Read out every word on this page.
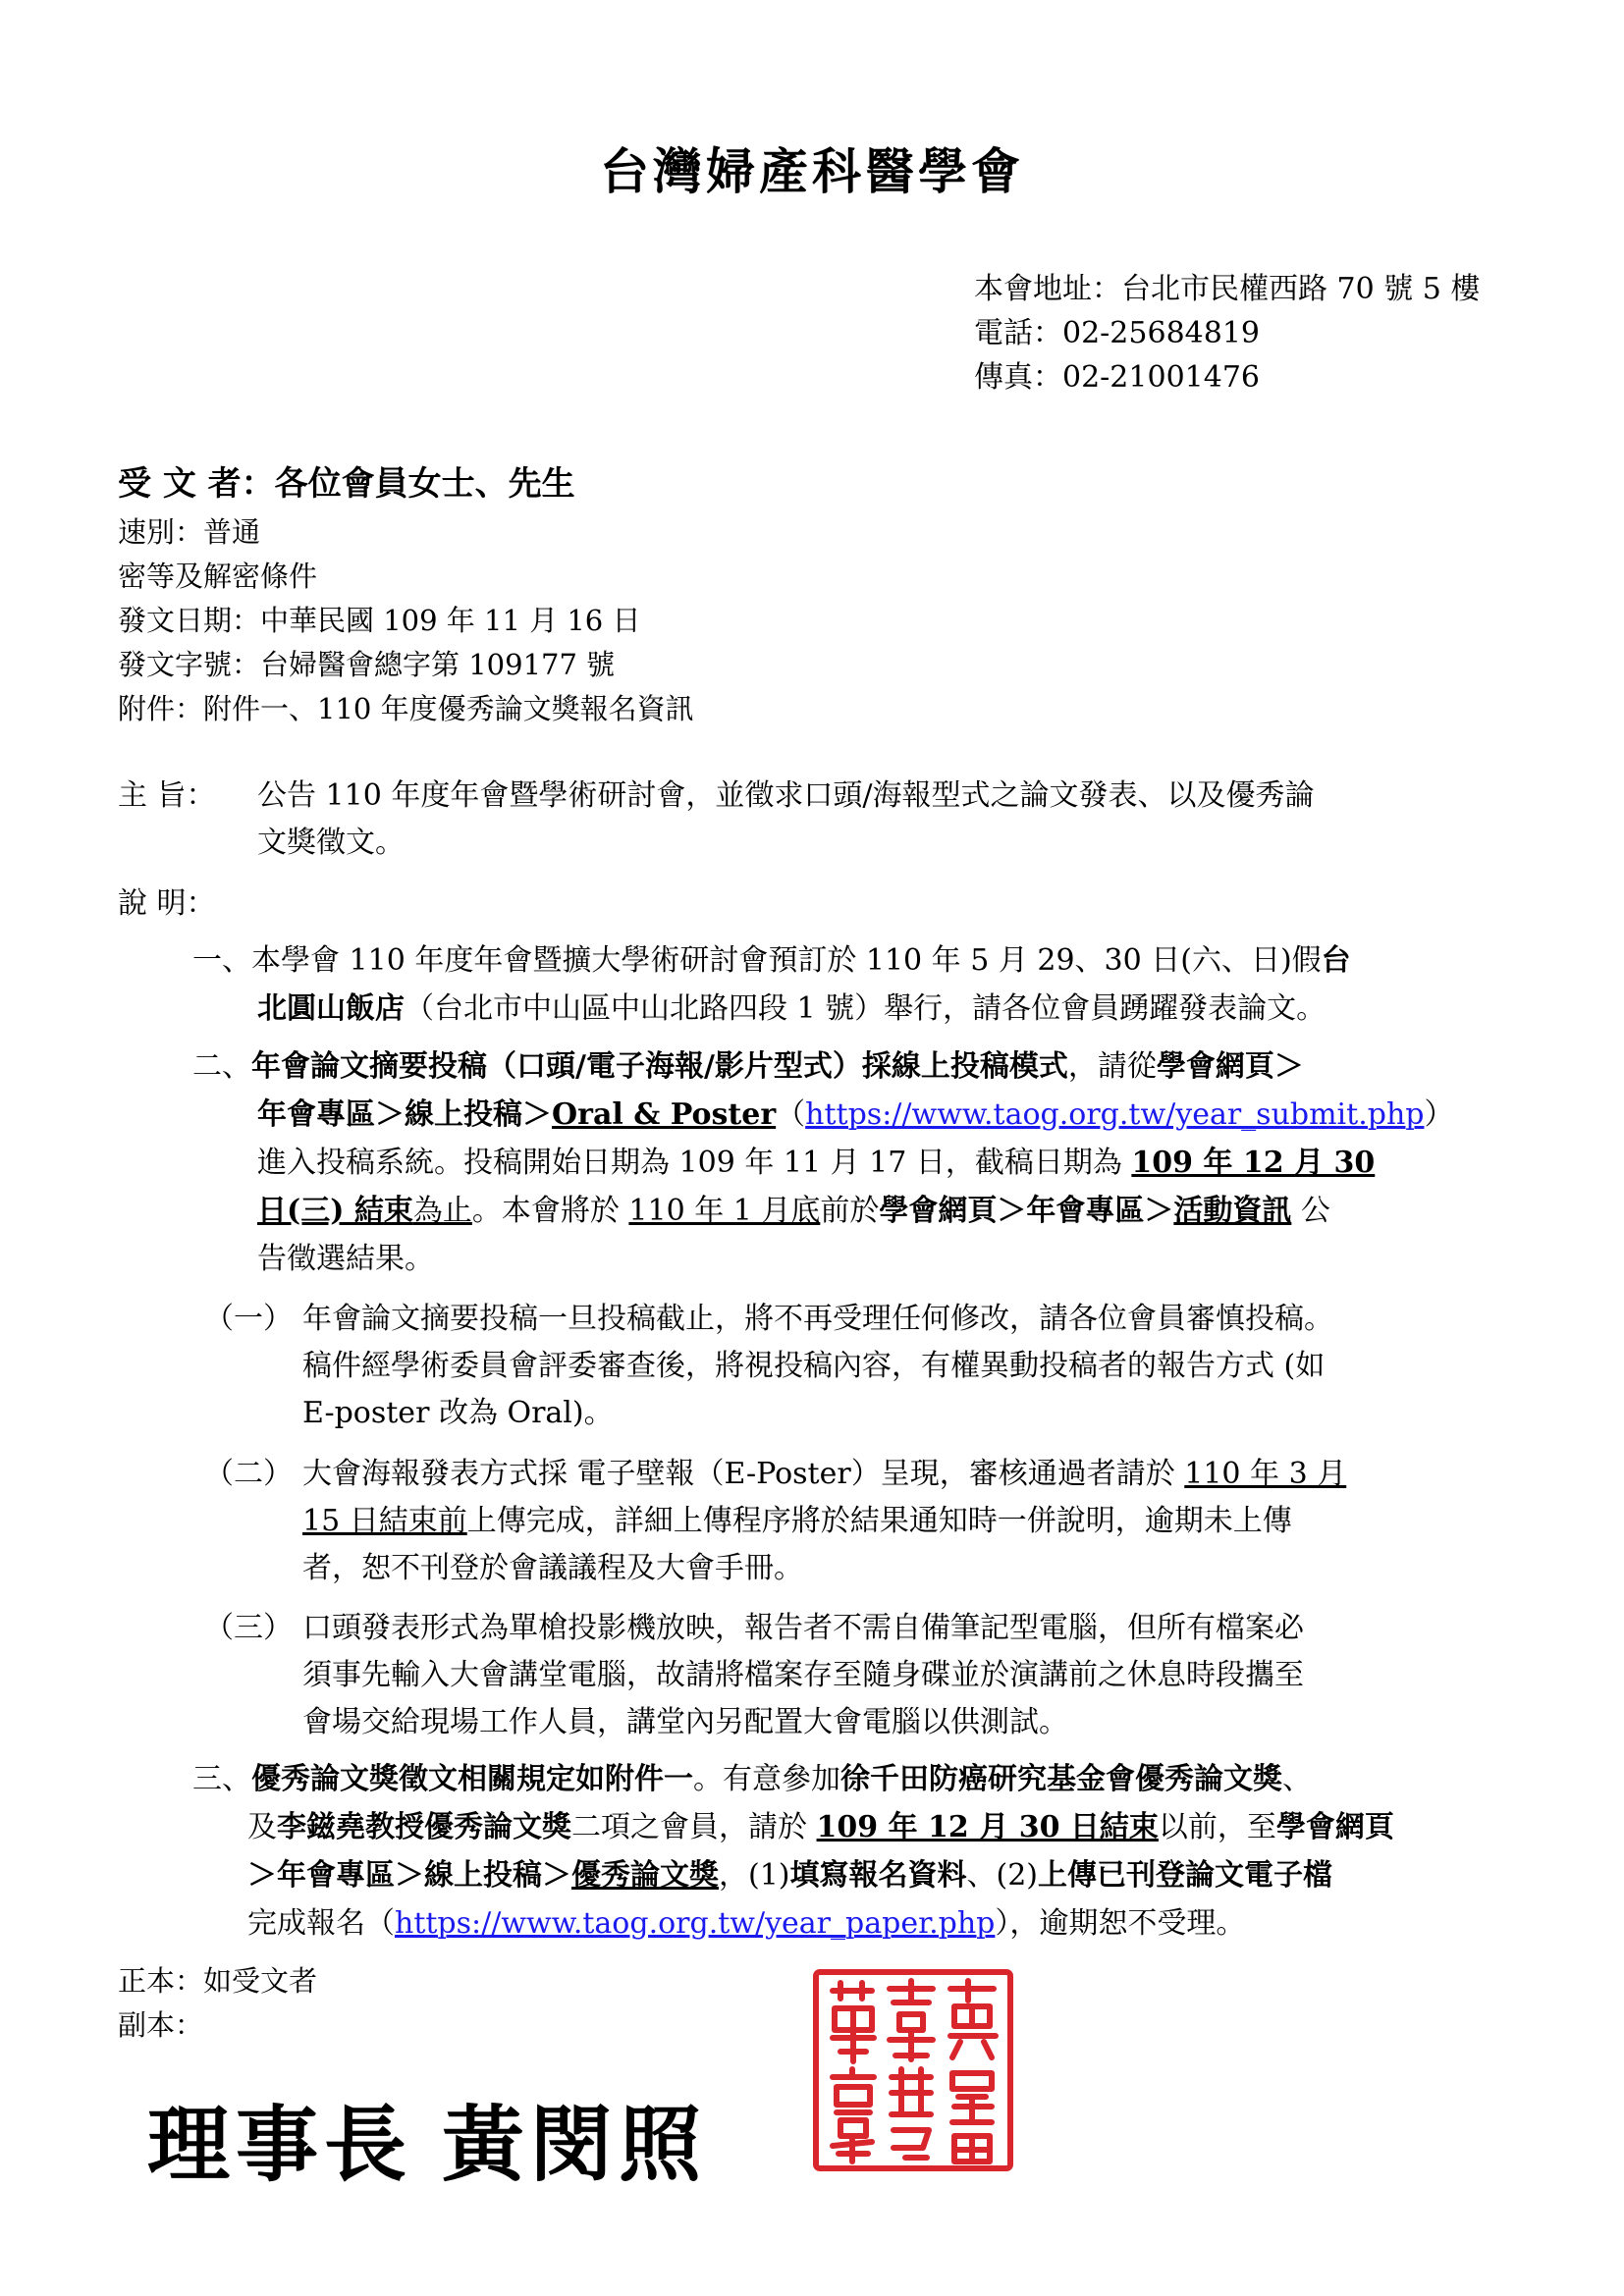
台灣婦產科醫學會
本會地址：台北市民權西路 70 號 5 樓
電話：02-25684819
傳真：02-21001476
受 文 者：各位會員女士、先生
速別：普通
密等及解密條件
發文日期：中華民國 109 年 11 月 16 日
發文字號：台婦醫會總字第 109177 號
附件：附件一、110 年度優秀論文獎報名資訊
主 旨： 公告 110 年度年會暨學術研討會，並徵求口頭/海報型式之論文發表、以及優秀論
文獎徵文。
說 明：
一、本學會 110 年度年會暨擴大學術研討會預訂於 110 年 5 月 29、30 日(六、日)假台
北圓山飯店（台北市中山區中山北路四段 1 號）舉行，請各位會員踴躍發表論文。
二、年會論文摘要投稿（口頭/電子海報/影片型式）採線上投稿模式，請從學會網頁＞
年會專區＞線上投稿＞Oral & Poster（https://www.taog.org.tw/year_submit.php）
進入投稿系統。投稿開始日期為 109 年 11 月 17 日，截稿日期為 109 年 12 月 30
日(三) 結束為止。本會將於 110 年 1 月底前於學會網頁＞年會專區＞活動資訊 公
告徵選結果。
（一） 年會論文摘要投稿一旦投稿截止，將不再受理任何修改，請各位會員審慎投稿。
稿件經學術委員會評委審查後，將視投稿內容，有權異動投稿者的報告方式 (如
E-poster 改為 Oral)。
（二） 大會海報發表方式採 電子壁報（E-Poster）呈現，審核通過者請於 110 年 3 月
15 日結束前上傳完成，詳細上傳程序將於結果通知時一併說明，逾期未上傳
者，恕不刊登於會議議程及大會手冊。
（三） 口頭發表形式為單槍投影機放映，報告者不需自備筆記型電腦，但所有檔案必
須事先輸入大會講堂電腦，故請將檔案存至隨身碟並於演講前之休息時段攜至
會場交給現場工作人員，講堂內另配置大會電腦以供測試。
三、優秀論文獎徵文相關規定如附件一。有意參加徐千田防癌研究基金會優秀論文獎、
及李鎡堯教授優秀論文獎二項之會員，請於 109 年 12 月 30 日結束以前，至學會網頁
＞年會專區＞線上投稿＞優秀論文獎，(1)填寫報名資料、(2)上傳已刊登論文電子檔
完成報名（https://www.taog.org.tw/year_paper.php），逾期恕不受理。
正本：如受文者
副本：
理事長 黃閔照
